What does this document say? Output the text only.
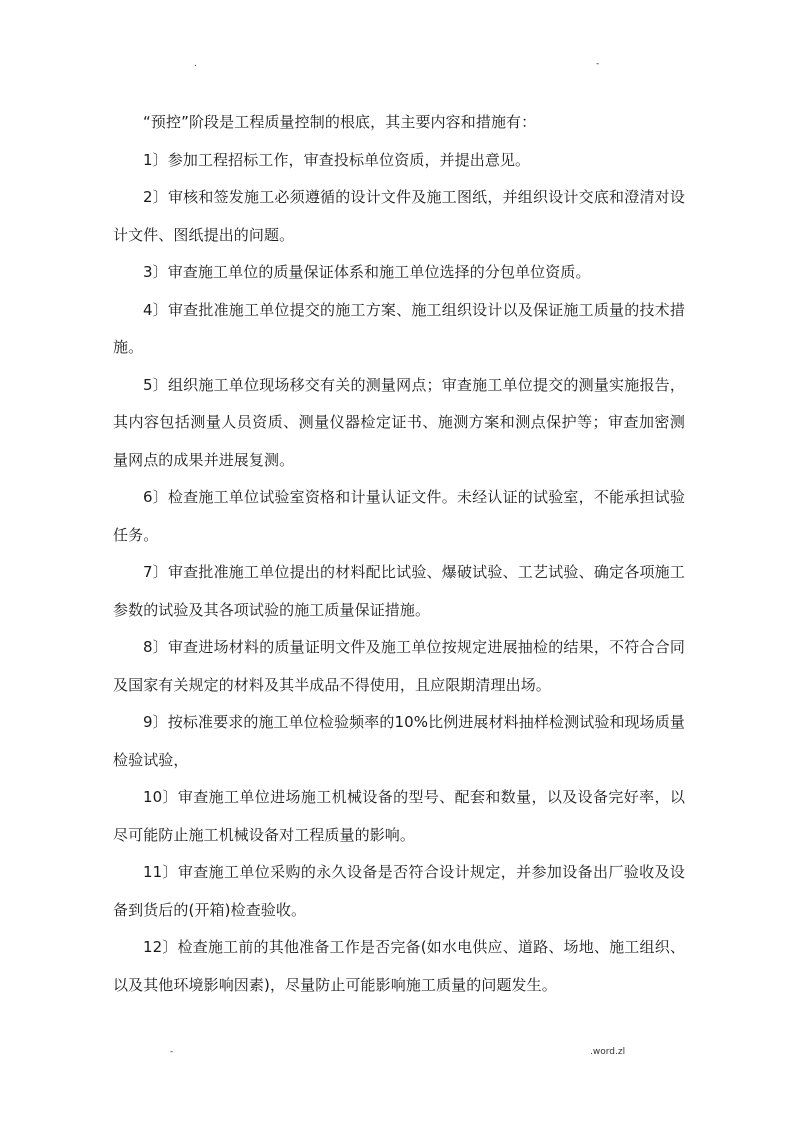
.	-

“预控”阶段是工程质量控制的根底，其主要内容和措施有：

1〕参加工程招标工作，审查投标单位资质，并提出意见。

2〕审核和签发施工必须遵循的设计文件及施工图纸，并组织设计交底和澄清对设计文件、图纸提出的问题。

3〕审查施工单位的质量保证体系和施工单位选择的分包单位资质。

4〕审查批准施工单位提交的施工方案、施工组织设计以及保证施工质量的技术措施。

5〕组织施工单位现场移交有关的测量网点；审查施工单位提交的测量实施报告，其内容包括测量人员资质、测量仪器检定证书、施测方案和测点保护等；审查加密测量网点的成果并进展复测。

6〕检查施工单位试验室资格和计量认证文件。未经认证的试验室，不能承担试验任务。

7〕审查批准施工单位提出的材料配比试验、爆破试验、工艺试验、确定各项施工参数的试验及其各项试验的施工质量保证措施。

8〕审查进场材料的质量证明文件及施工单位按规定进展抽检的结果，不符合合同及国家有关规定的材料及其半成品不得使用，且应限期清理出场。

9〕按标准要求的施工单位检验频率的10%比例进展材料抽样检测试验和现场质量检验试验，

10〕审查施工单位进场施工机械设备的型号、配套和数量，以及设备完好率，以尽可能防止施工机械设备对工程质量的影响。

11〕审查施工单位采购的永久设备是否符合设计规定，并参加设备出厂验收及设备到货后的(开箱)检查验收。

12〕检查施工前的其他准备工作是否完备(如水电供应、道路、场地、施工组织、以及其他环境影响因素)，尽量防止可能影响施工质量的问题发生。

-	.word.zl
